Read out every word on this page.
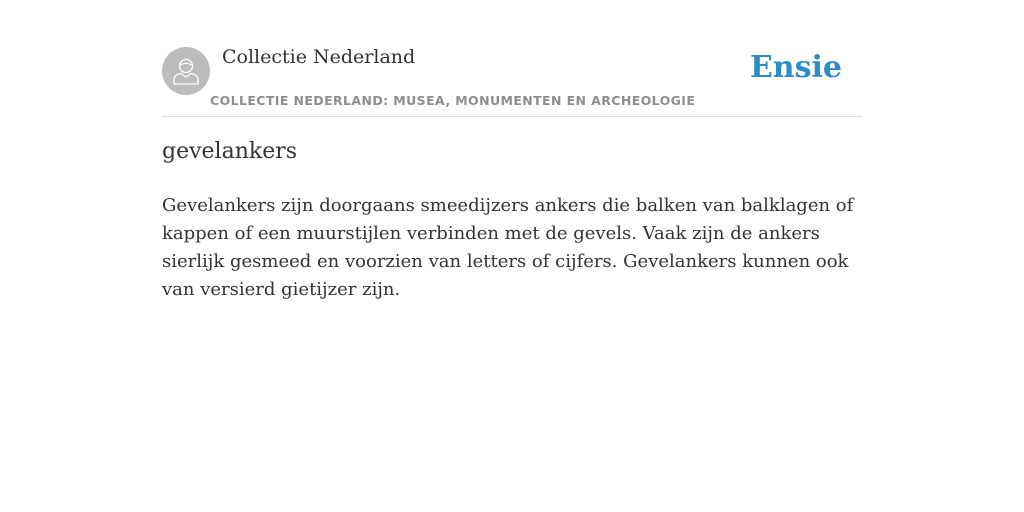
Collectie Nederland
COLLECTIE NEDERLAND: MUSEA, MONUMENTEN EN ARCHEOLOGIE
Ensie
gevelankers

Gevelankers zijn doorgaans smeedijzers ankers die balken van balklagen of kappen of een muurstijlen verbinden met de gevels. Vaak zijn de ankers sierlijk gesmeed en voorzien van letters of cijfers. Gevelankers kunnen ook van versierd gietijzer zijn.
